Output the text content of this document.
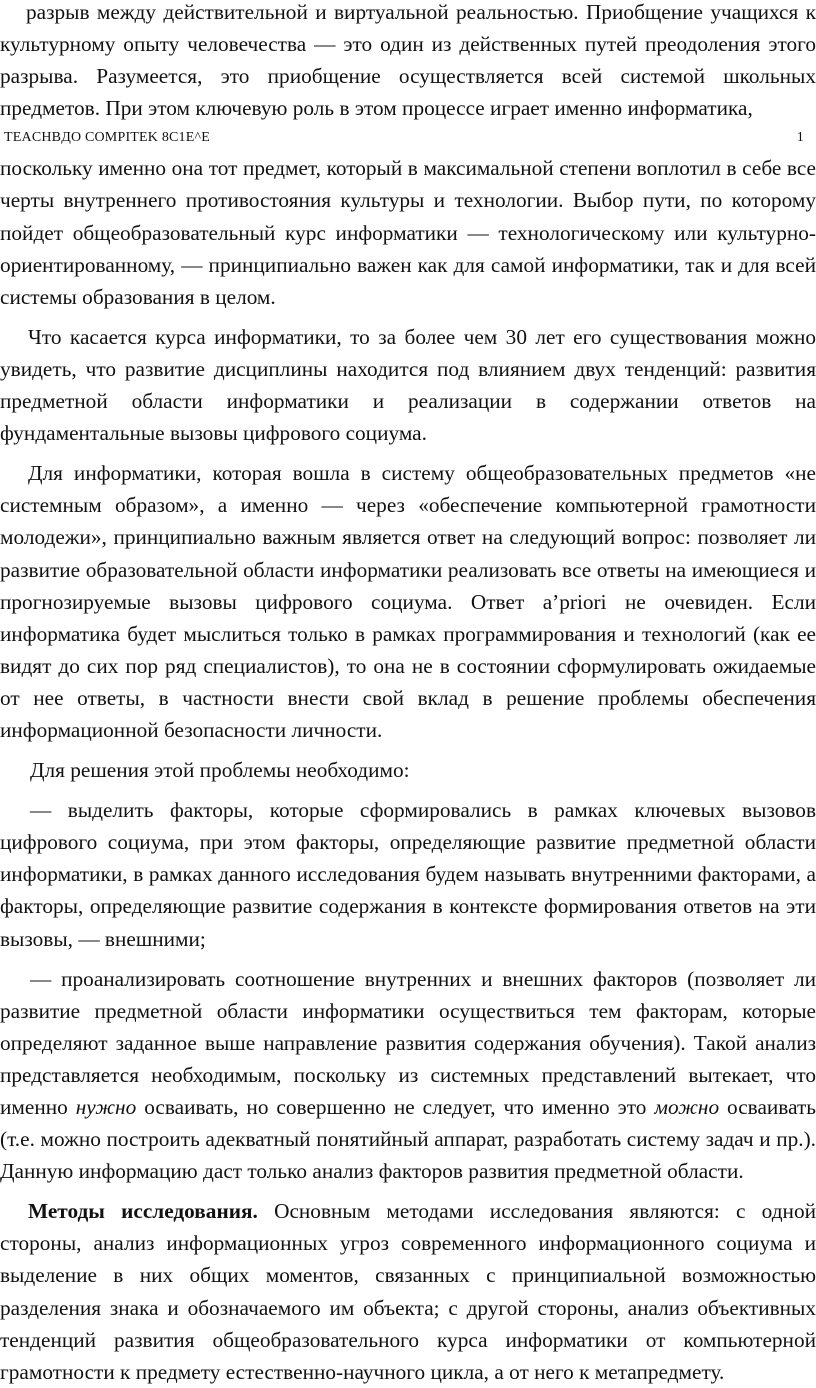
разрыв между действительной и виртуальной реальностью. Приобщение учащихся к культурному опыту человечества — это один из действенных путей преодоления этого разрыва. Разумеется, это приобщение осуществляется всей системой школьных предметов. При этом ключевую роль в этом процессе играет именно информатика,

TEACHBДO COMPITEK 8C1E^E	1

поскольку именно она тот предмет, который в максимальной степени воплотил в себе все черты внутреннего противостояния культуры и технологии. Выбор пути, по которому пойдет общеобразовательный курс информатики — технологическому или культурно-ориентированному, — принципиально важен как для самой информатики, так и для всей системы образования в целом.

Что касается курса информатики, то за более чем 30 лет его существования можно увидеть, что развитие дисциплины находится под влиянием двух тенденций: развития предметной области информатики и реализации в содержании ответов на фундаментальные вызовы цифрового социума.

Для информатики, которая вошла в систему общеобразовательных предметов «не системным образом», а именно — через «обеспечение компьютерной грамотности молодежи», принципиально важным является ответ на следующий вопрос: позволяет ли развитие образовательной области информатики реализовать все ответы на имеющиеся и прогнозируемые вызовы цифрового социума. Ответ a’priori не очевиден. Если информатика будет мыслиться только в рамках программирования и технологий (как ее видят до сих пор ряд специалистов), то она не в состоянии сформулировать ожидаемые от нее ответы, в частности внести свой вклад в решение проблемы обеспечения информационной безопасности личности.

Для решения этой проблемы необходимо:

— выделить факторы, которые сформировались в рамках ключевых вызовов цифрового социума, при этом факторы, определяющие развитие предметной области информатики, в рамках данного исследования будем называть внутренними факторами, а факторы, определяющие развитие содержания в контексте формирования ответов на эти вызовы, — внешними;

— проанализировать соотношение внутренних и внешних факторов (позволяет ли развитие предметной области информатики осуществиться тем факторам, которые определяют заданное выше направление развития содержания обучения). Такой анализ представляется необходимым, поскольку из системных представлений вытекает, что именно нужно осваивать, но совершенно не следует, что именно это можно осваивать (т.е. можно построить адекватный понятийный аппарат, разработать систему задач и пр.). Данную информацию даст только анализ факторов развития предметной области.

Методы исследования. Основным методами исследования являются: с одной стороны, анализ информационных угроз современного информационного социума и выделение в них общих моментов, связанных с принципиальной возможностью разделения знака и обозначаемого им объекта; с другой стороны, анализ объективных тенденций развития общеобразовательного курса информатики от компьютерной грамотности к предмету естественно-научного цикла, а от него к метапредмету.
